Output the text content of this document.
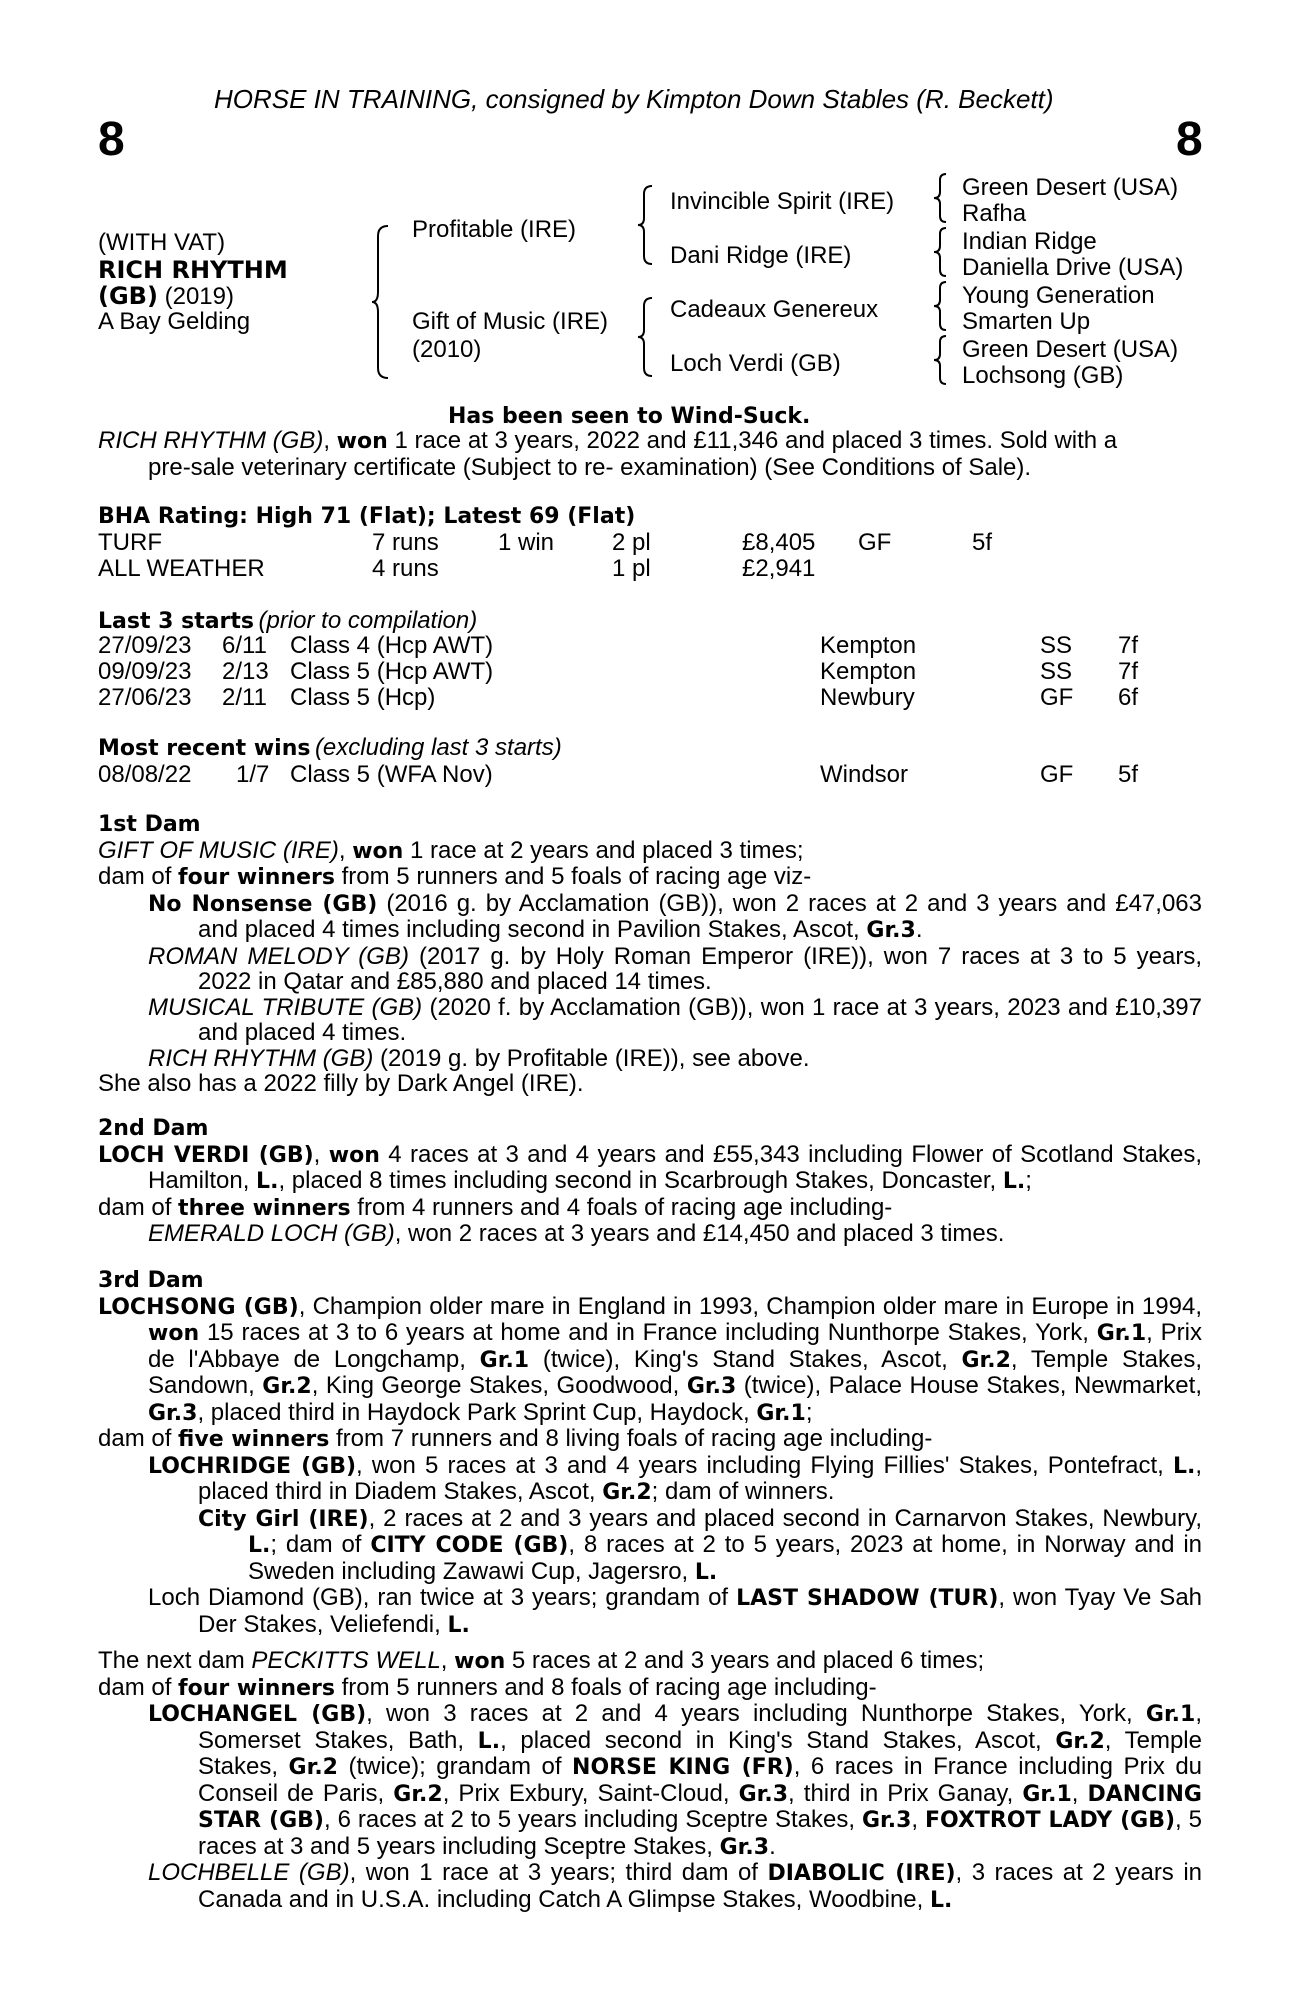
HORSE IN TRAINING, consigned by Kimpton Down Stables (R. Beckett)
8	8
(WITH VAT)
RICH RHYTHM
(GB) (2019)
A Bay Gelding
Profitable (IRE)
Gift of Music (IRE)
(2010)
Invincible Spirit (IRE)
Dani Ridge (IRE)
Cadeaux Genereux
Loch Verdi (GB)
Green Desert (USA)
Rafha
Indian Ridge
Daniella Drive (USA)
Young Generation
Smarten Up
Green Desert (USA)
Lochsong (GB)
Has been seen to Wind-Suck.

RICH RHYTHM (GB), won 1 race at 3 years, 2022 and £11,346 and placed 3 times. Sold with a

pre-sale veterinary certificate (Subject to re- examination) (See Conditions of Sale).

BHA Rating: High 71 (Flat); Latest 69 (Flat)
TURF	7 runs 1 win 2 pl	£8,405 GF	5f
ALL WEATHER	4 runs	1 pl	£2,941
Last 3 starts (prior to compilation)
27/09/23 6/11 Class 4 (Hcp AWT)	Kempton	SS 7f
09/09/23 2/13 Class 5 (Hcp AWT)	Kempton	SS 7f
27/06/23 2/11 Class 5 (Hcp)	Newbury	GF 6f
Most recent wins (excluding last 3 starts)
08/08/22 1/7 Class 5 (WFA Nov)	Windsor	GF 5f

1st Dam

GIFT OF MUSIC (IRE), won 1 race at 2 years and placed 3 times;

dam of four winners from 5 runners and 5 foals of racing age viz-

No Nonsense (GB) (2016 g. by Acclamation (GB)), won 2 races at 2 and 3 years and £47,063 and placed 4 times including second in Pavilion Stakes, Ascot, Gr.3.

ROMAN MELODY (GB) (2017 g. by Holy Roman Emperor (IRE)), won 7 races at 3 to 5 years, 2022 in Qatar and £85,880 and placed 14 times.

MUSICAL TRIBUTE (GB) (2020 f. by Acclamation (GB)), won 1 race at 3 years, 2023 and £10,397 and placed 4 times.

RICH RHYTHM (GB) (2019 g. by Profitable (IRE)), see above.

She also has a 2022 filly by Dark Angel (IRE).

2nd Dam

LOCH VERDI (GB), won 4 races at 3 and 4 years and £55,343 including Flower of Scotland Stakes, Hamilton, L., placed 8 times including second in Scarbrough Stakes, Doncaster, L.;

dam of three winners from 4 runners and 4 foals of racing age including-

EMERALD LOCH (GB), won 2 races at 3 years and £14,450 and placed 3 times.

3rd Dam

LOCHSONG (GB), Champion older mare in England in 1993, Champion older mare in Europe in 1994, won 15 races at 3 to 6 years at home and in France including Nunthorpe Stakes, York, Gr.1, Prix de l'Abbaye de Longchamp, Gr.1 (twice), King's Stand Stakes, Ascot, Gr.2, Temple Stakes, Sandown, Gr.2, King George Stakes, Goodwood, Gr.3 (twice), Palace House Stakes, Newmarket, Gr.3, placed third in Haydock Park Sprint Cup, Haydock, Gr.1;

dam of five winners from 7 runners and 8 living foals of racing age including-

LOCHRIDGE (GB), won 5 races at 3 and 4 years including Flying Fillies' Stakes, Pontefract, L., placed third in Diadem Stakes, Ascot, Gr.2; dam of winners.

City Girl (IRE), 2 races at 2 and 3 years and placed second in Carnarvon Stakes, Newbury, L.; dam of CITY CODE (GB), 8 races at 2 to 5 years, 2023 at home, in Norway and in Sweden including Zawawi Cup, Jagersro, L.

Loch Diamond (GB), ran twice at 3 years; grandam of LAST SHADOW (TUR), won Tyay Ve Sah Der Stakes, Veliefendi, L.

The next dam PECKITTS WELL, won 5 races at 2 and 3 years and placed 6 times;

dam of four winners from 5 runners and 8 foals of racing age including-

LOCHANGEL (GB), won 3 races at 2 and 4 years including Nunthorpe Stakes, York, Gr.1, Somerset Stakes, Bath, L., placed second in King's Stand Stakes, Ascot, Gr.2, Temple Stakes, Gr.2 (twice); grandam of NORSE KING (FR), 6 races in France including Prix du Conseil de Paris, Gr.2, Prix Exbury, Saint-Cloud, Gr.3, third in Prix Ganay, Gr.1, DANCING STAR (GB), 6 races at 2 to 5 years including Sceptre Stakes, Gr.3, FOXTROT LADY (GB), 5 races at 3 and 5 years including Sceptre Stakes, Gr.3.

LOCHBELLE (GB), won 1 race at 3 years; third dam of DIABOLIC (IRE), 3 races at 2 years in Canada and in U.S.A. including Catch A Glimpse Stakes, Woodbine, L.
